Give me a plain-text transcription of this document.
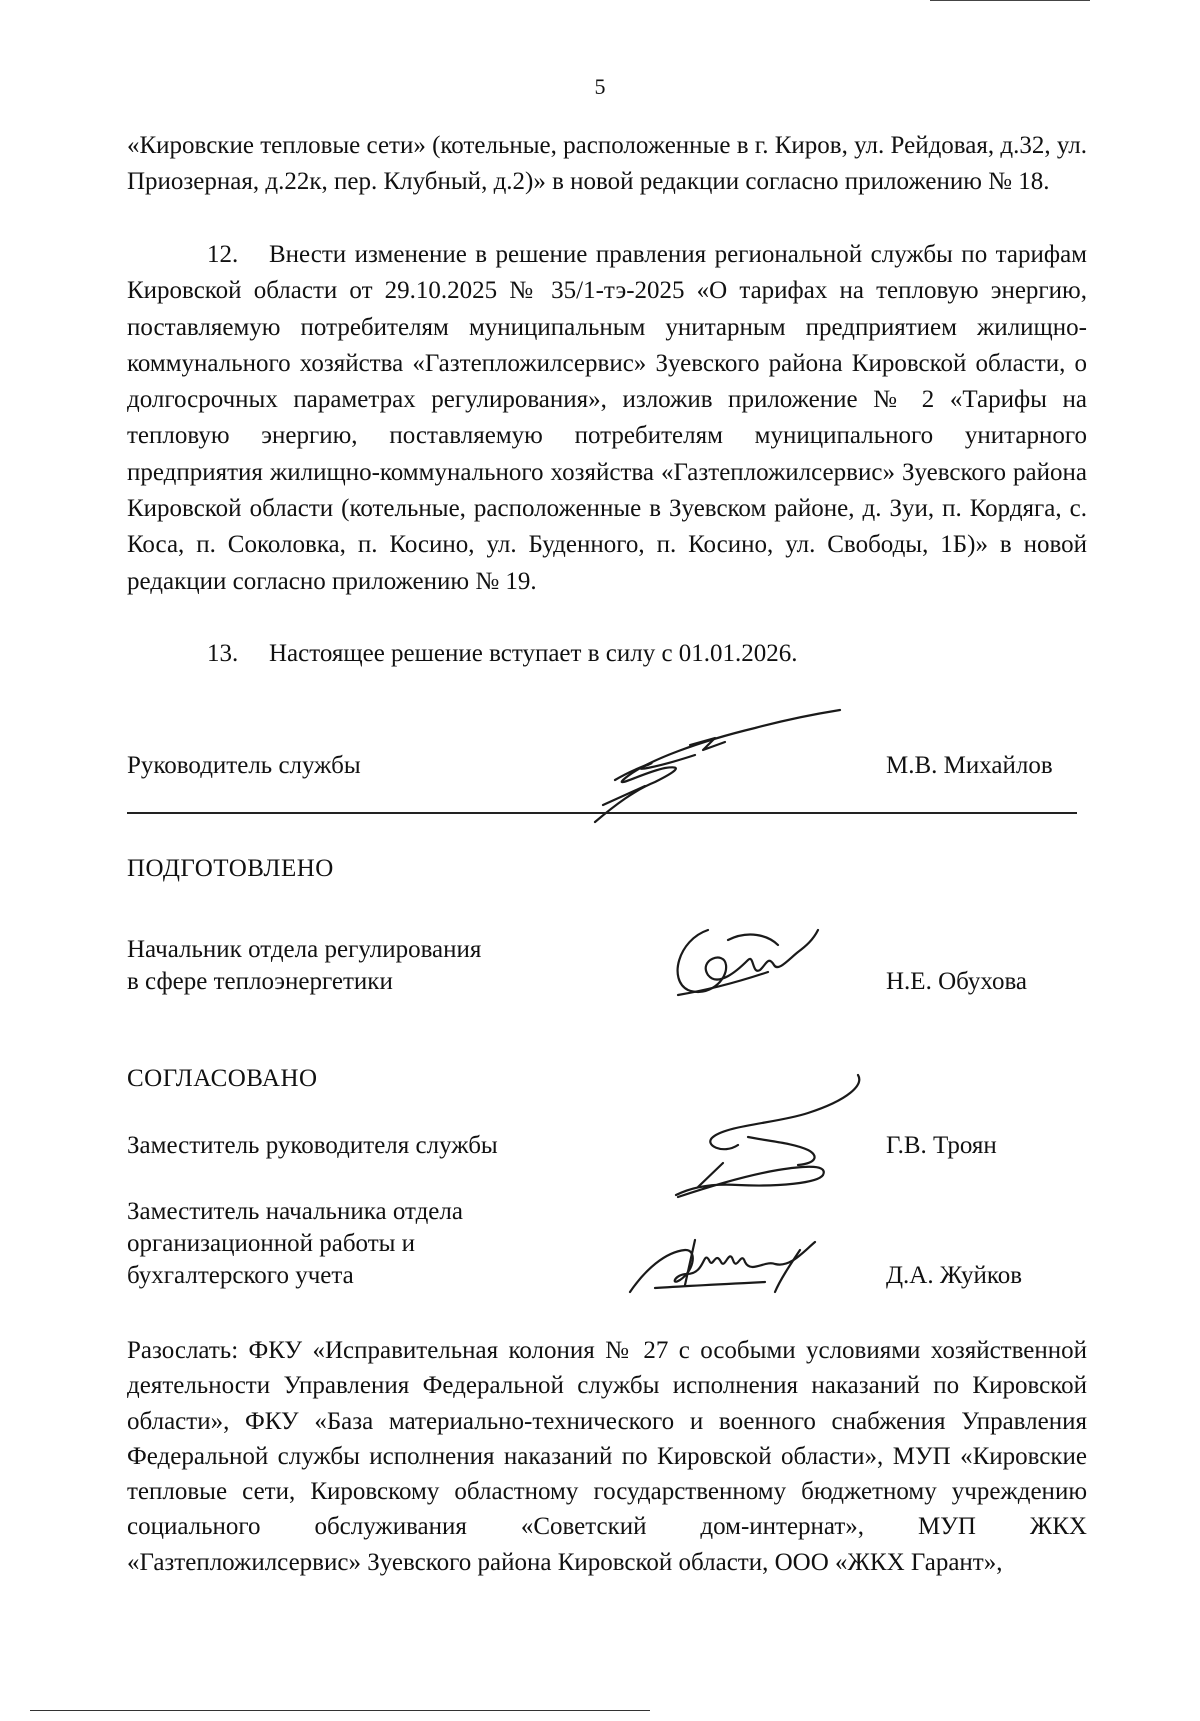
5
«Кировские тепловые сети» (котельные, расположенные в г. Киров, ул. Рейдовая, д.32, ул. Приозерная, д.22к, пер. Клубный, д.2)» в новой редакции согласно приложению № 18.
12. Внести изменение в решение правления региональной службы по тарифам Кировской области от 29.10.2025 № 35/1-тэ-2025 «О тарифах на тепловую энергию, поставляемую потребителям муниципальным унитарным предприятием жилищно-коммунального хозяйства «Газтепложилсервис» Зуевского района Кировской области, о долгосрочных параметрах регулирования», изложив приложение № 2 «Тарифы на тепловую энергию, поставляемую потребителям муниципального унитарного предприятия жилищно-коммунального хозяйства «Газтепложилсервис» Зуевского района Кировской области (котельные, расположенные в Зуевском районе, д. Зуи, п. Кордяга, с. Коса, п. Соколовка, п. Косино, ул. Буденного, п. Косино, ул. Свободы, 1Б)» в новой редакции согласно приложению № 19.
13. Настоящее решение вступает в силу с 01.01.2026.
Руководитель службы	М.В. Михайлов
ПОДГОТОВЛЕНО
Начальник отдела регулирования
в сфере теплоэнергетики	Н.Е. Обухова
СОГЛАСОВАНО
Заместитель руководителя службы	Г.В. Троян
Заместитель начальника отдела
организационной работы и
бухгалтерского учета	Д.А. Жуйков
Разослать: ФКУ «Исправительная колония № 27 с особыми условиями хозяйственной деятельности Управления Федеральной службы исполнения наказаний по Кировской области», ФКУ «База материально-технического и военного снабжения Управления Федеральной службы исполнения наказаний по Кировской области», МУП «Кировские тепловые сети, Кировскому областному государственному бюджетному учреждению социального обслуживания «Советский дом-интернат», МУП ЖКХ «Газтепложилсервис» Зуевского района Кировской области, ООО «ЖКХ Гарант»,
